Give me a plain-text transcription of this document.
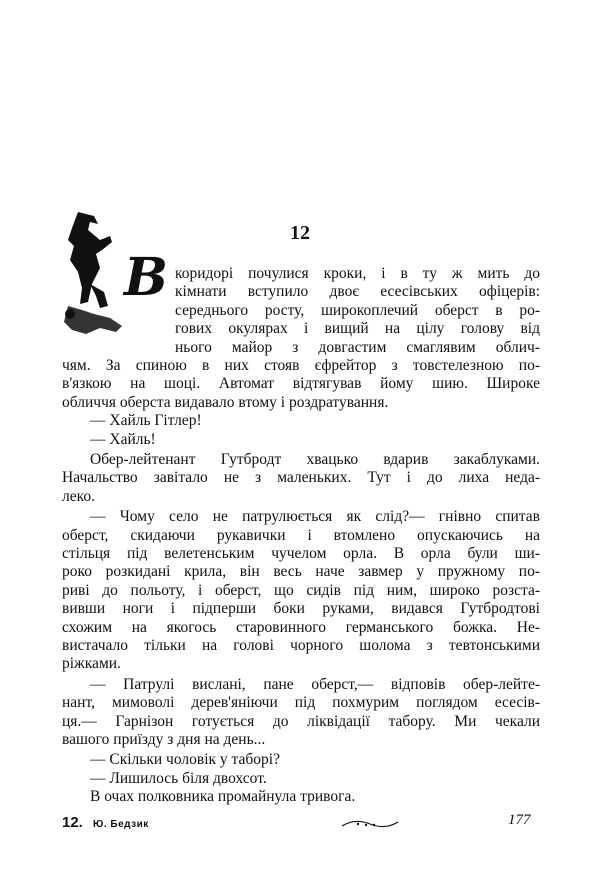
12
В коридорі почулися кроки, і в ту ж мить до
кімнати вступило двоє есесівських офіцерів:
середнього росту, широкоплечий оберст в ро-
гових окулярах і вищий на цілу голову від
нього майор з довгастим смаглявим облич-
чям. За спиною в них стояв єфрейтор з товстелезною по-
в'язкою на шоці. Автомат відтягував йому шию. Широке
обличчя оберста видавало втому і роздратування.
— Хайль Гітлер!
— Хайль!
Обер-лейтенант Гутбродт хвацько вдарив закаблуками.
Начальство завітало не з маленьких. Тут і до лиха неда-
леко.
— Чому село не патрулюється як слід?— гнівно спитав
оберст, скидаючи рукавички і втомлено опускаючись на
стільця під велетенським чучелом орла. В орла були ши-
роко розкидані крила, він весь наче завмер у пружному по-
риві до польоту, і оберст, що сидів під ним, широко розста-
вивши ноги і підперши боки руками, видався Гутбродтові
схожим на якогось старовинного германського божка. Не-
вистачало тільки на голові чорного шолома з тевтонськими
ріжками.
— Патрулі вислані, пане оберст,— відповів обер-лейте-
нант, мимоволі дерев'яніючи під похмурим поглядом есесів-
ця.— Гарнізон готується до ліквідації табору. Ми чекали
вашого приїзду з дня на день...
— Скільки чоловік у таборі?
— Лишилось біля двохсот.
12. Ю. Бедзик	177
В очах полковника промайнула тривога.
